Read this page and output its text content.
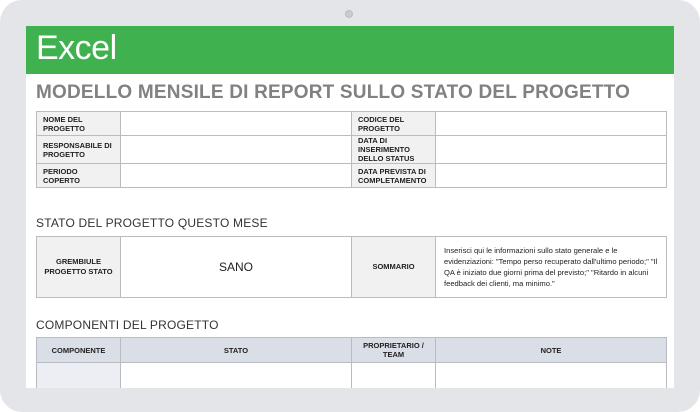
Excel
MODELLO MENSILE DI REPORT SULLO STATO DEL PROGETTO
NOME DEL PROGETTO		CODICE DEL PROGETTO	
RESPONSABILE DI PROGETTO		DATA DI INSERIMENTO DELLO STATUS	
PERIODO COPERTO		DATA PREVISTA DI COMPLETAMENTO	
STATO DEL PROGETTO QUESTO MESE
GREMBIULE PROGETTO STATO	SANO	SOMMARIO	Inserisci qui le informazioni sullo stato generale e le evidenziazioni: "Tempo perso recuperato dall'ultimo periodo;" "Il QA è iniziato due giorni prima del previsto;" "Ritardo in alcuni feedback dei clienti, ma minimo."
COMPONENTI DEL PROGETTO
COMPONENTE	STATO	PROPRIETARIO / TEAM	NOTE
